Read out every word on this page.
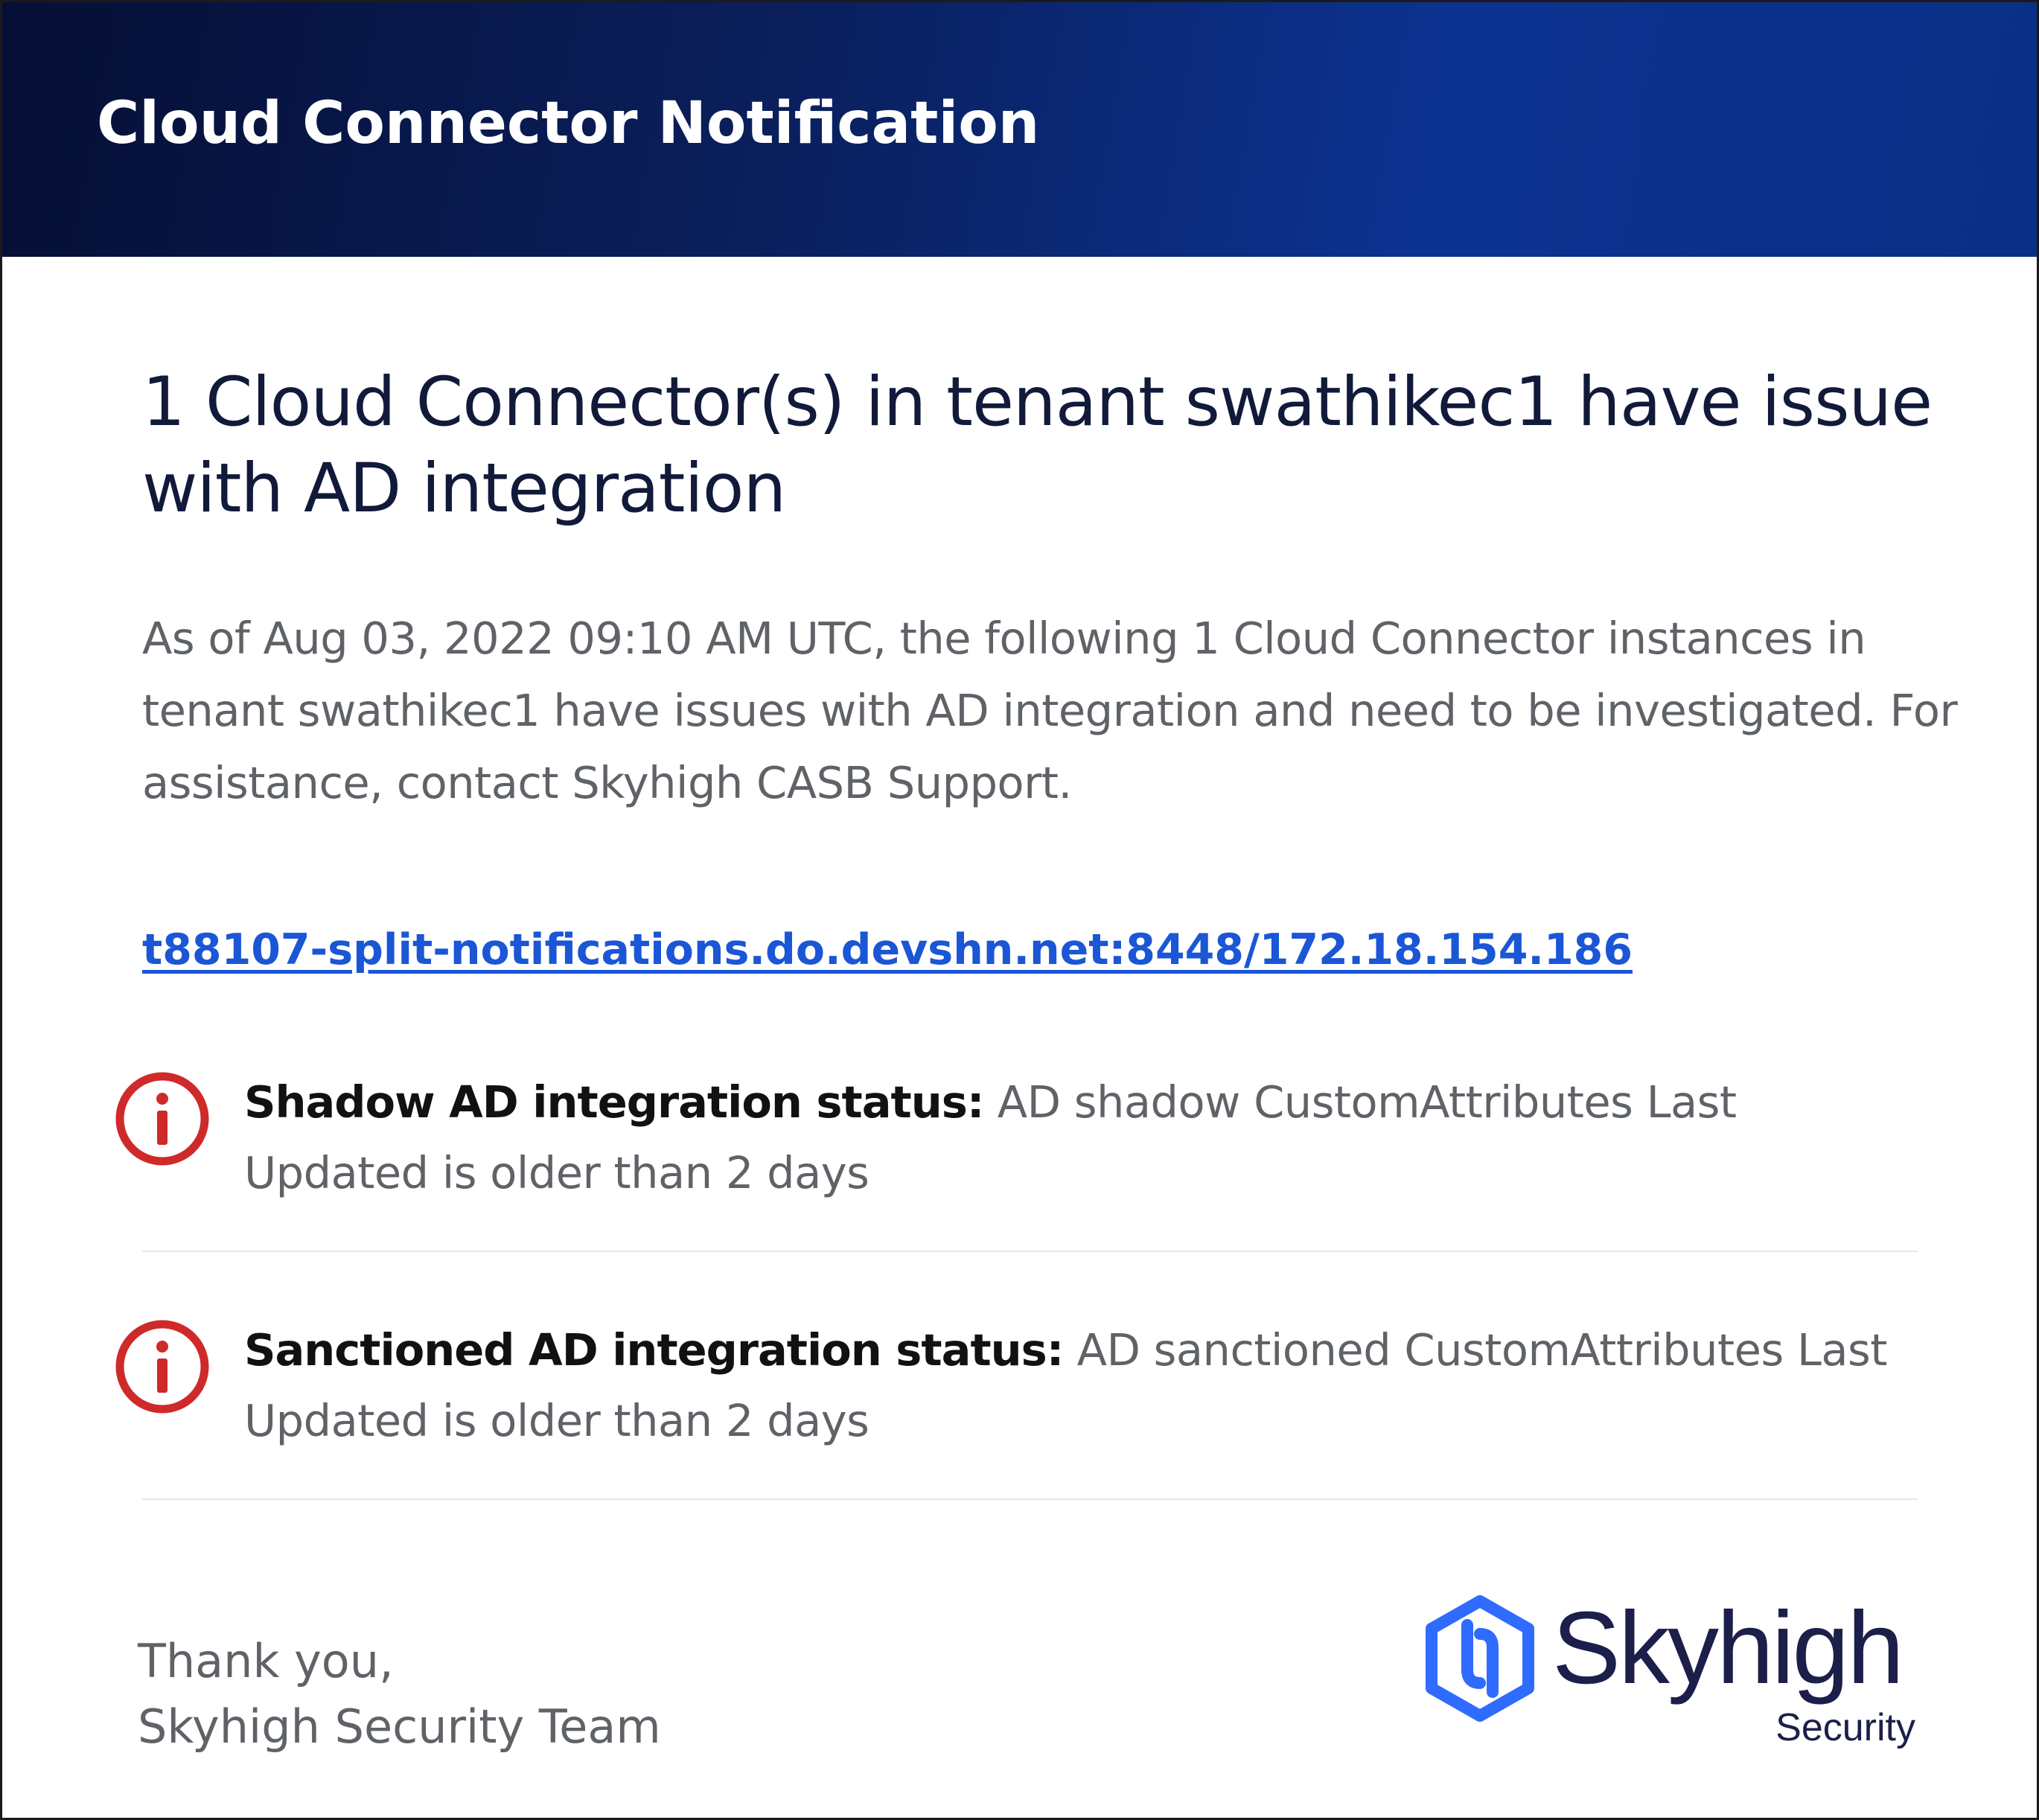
Cloud Connector Notification
1 Cloud Connector(s) in tenant swathikec1 have issue with AD integration
As of Aug 03, 2022 09:10 AM UTC, the following 1 Cloud Connector instances in tenant swathikec1 have issues with AD integration and need to be investigated. For assistance, contact Skyhigh CASB Support.
t88107-split-notifications.do.devshn.net:8448/172.18.154.186
Shadow AD integration status: AD shadow CustomAttributes Last Updated is older than 2 days
Sanctioned AD integration status: AD sanctioned CustomAttributes Last Updated is older than 2 days
Thank you,
Skyhigh Security Team
Skyhigh
Security
